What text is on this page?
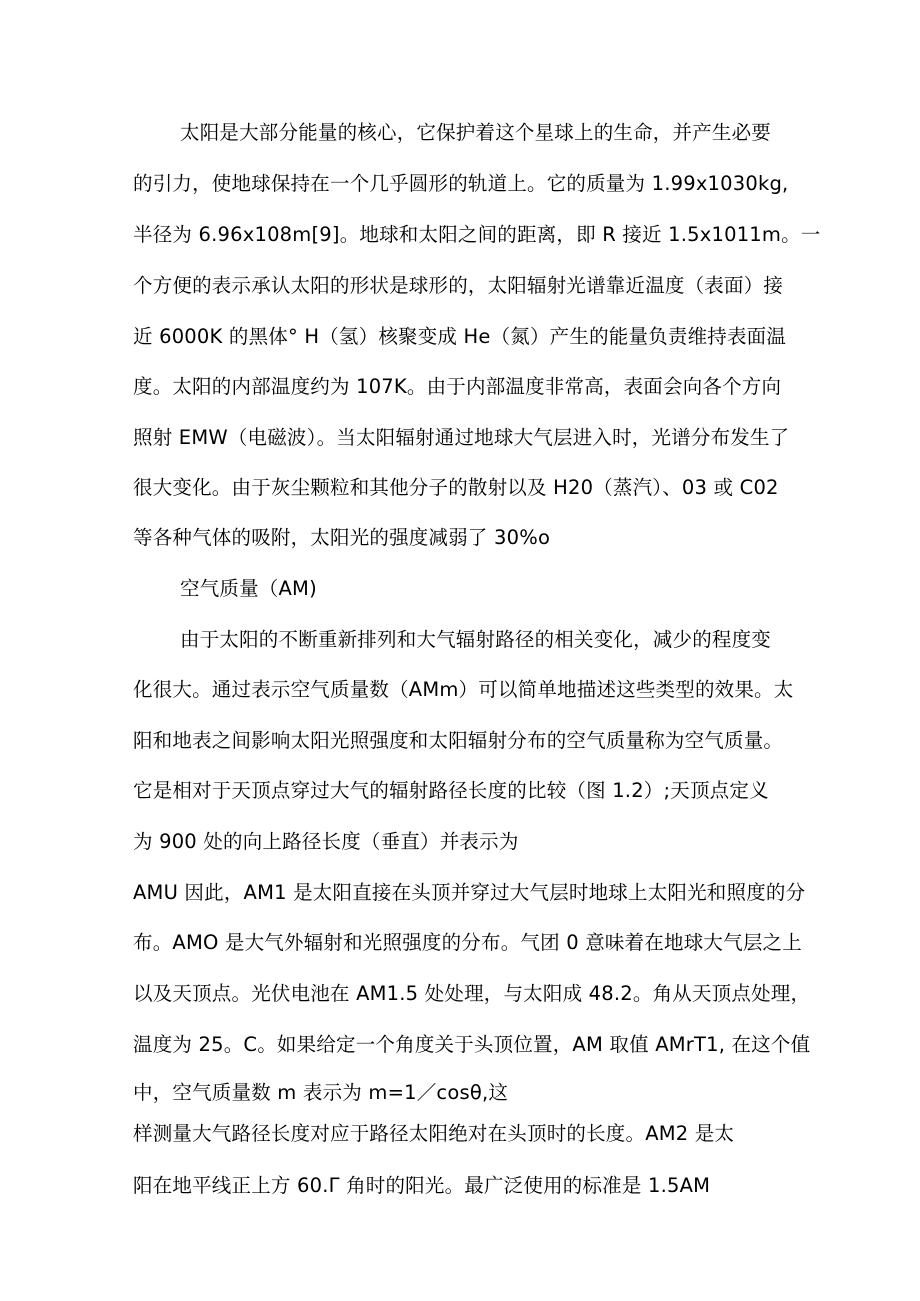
太阳是大部分能量的核心，它保护着这个星球上的生命，并产生必要
的引力，使地球保持在一个几乎圆形的轨道上。它的质量为 1.99x1030kg,
半径为 6.96x108m[9]。地球和太阳之间的距离，即 R 接近 1.5x1011m。一
个方便的表示承认太阳的形状是球形的，太阳辐射光谱靠近温度（表面）接
近 6000K 的黑体° H（氢）核聚变成 He（氮）产生的能量负责维持表面温
度。太阳的内部温度约为 107K。由于内部温度非常高，表面会向各个方向
照射 EMW（电磁波）。当太阳辐射通过地球大气层进入时，光谱分布发生了
很大变化。由于灰尘颗粒和其他分子的散射以及 H20（蒸汽）、03 或 C02
等各种气体的吸附，太阳光的强度减弱了 30%o
空气质量（AM)
由于太阳的不断重新排列和大气辐射路径的相关变化，减少的程度变
化很大。通过表示空气质量数（AMm）可以简单地描述这些类型的效果。太
阳和地表之间影响太阳光照强度和太阳辐射分布的空气质量称为空气质量。
它是相对于天顶点穿过大气的辐射路径长度的比较（图 1.2）;天顶点定义
为 900 处的向上路径长度（垂直）并表示为
AMU 因此，AM1 是太阳直接在头顶并穿过大气层时地球上太阳光和照度的分
布。AMO 是大气外辐射和光照强度的分布。气团 0 意味着在地球大气层之上
以及天顶点。光伏电池在 AM1.5 处处理，与太阳成 48.2。角从天顶点处理，
温度为 25。C。如果给定一个角度关于头顶位置，AM 取值 AMrT1, 在这个值
中，空气质量数 m 表示为 m=1／cosθ,这
样测量大气路径长度对应于路径太阳绝对在头顶时的长度。AM2 是太
阳在地平线正上方 60.Γ 角时的阳光。最广泛使用的标准是 1.5AM
